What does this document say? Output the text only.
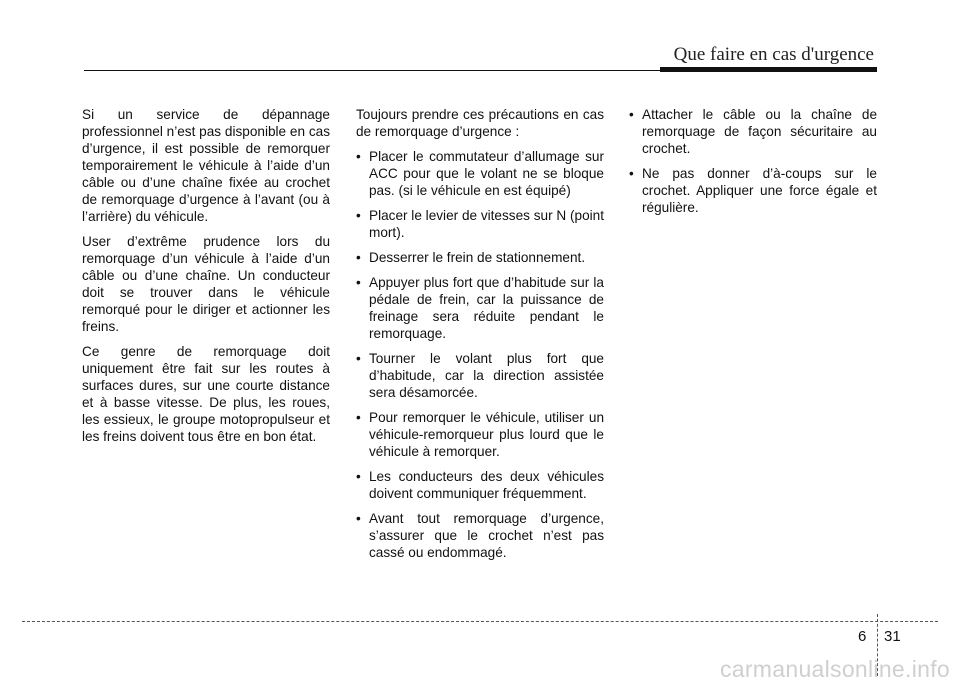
Que faire en cas d'urgence

Si un service de dépannage professionnel n’est pas disponible en cas d’urgence, il est possible de remorquer temporairement le véhicule à l’aide d’un câble ou d’une chaîne fixée au crochet de remorquage d’urgence à l’avant (ou à l’arrière) du véhicule.

User d’extrême prudence lors du remorquage d’un véhicule à l’aide d’un câble ou d’une chaîne. Un conducteur doit se trouver dans le véhicule remorqué pour le diriger et actionner les freins.

Ce genre de remorquage doit uniquement être fait sur les routes à surfaces dures, sur une courte distance et à basse vitesse. De plus, les roues, les essieux, le groupe motopropulseur et les freins doivent tous être en bon état.

Toujours prendre ces précautions en cas de remorquage d’urgence :

• Placer le commutateur d’allumage sur ACC pour que le volant ne se bloque pas. (si le véhicule en est équipé)
• Placer le levier de vitesses sur N (point mort).
• Desserrer le frein de stationnement.
• Appuyer plus fort que d’habitude sur la pédale de frein, car la puissance de freinage sera réduite pendant le remorquage.
• Tourner le volant plus fort que d’habitude, car la direction assistée sera désamorcée.
• Pour remorquer le véhicule, utiliser un véhicule-remorqueur plus lourd que le véhicule à remorquer.
• Les conducteurs des deux véhicules doivent communiquer fréquemment.
• Avant tout remorquage d’urgence, s’assurer que le crochet n’est pas cassé ou endommagé.
• Attacher le câble ou la chaîne de remorquage de façon sécuritaire au crochet.
• Ne pas donner d’à-coups sur le crochet. Appliquer une force égale et régulière.
6 31
carmanualsonline.info
